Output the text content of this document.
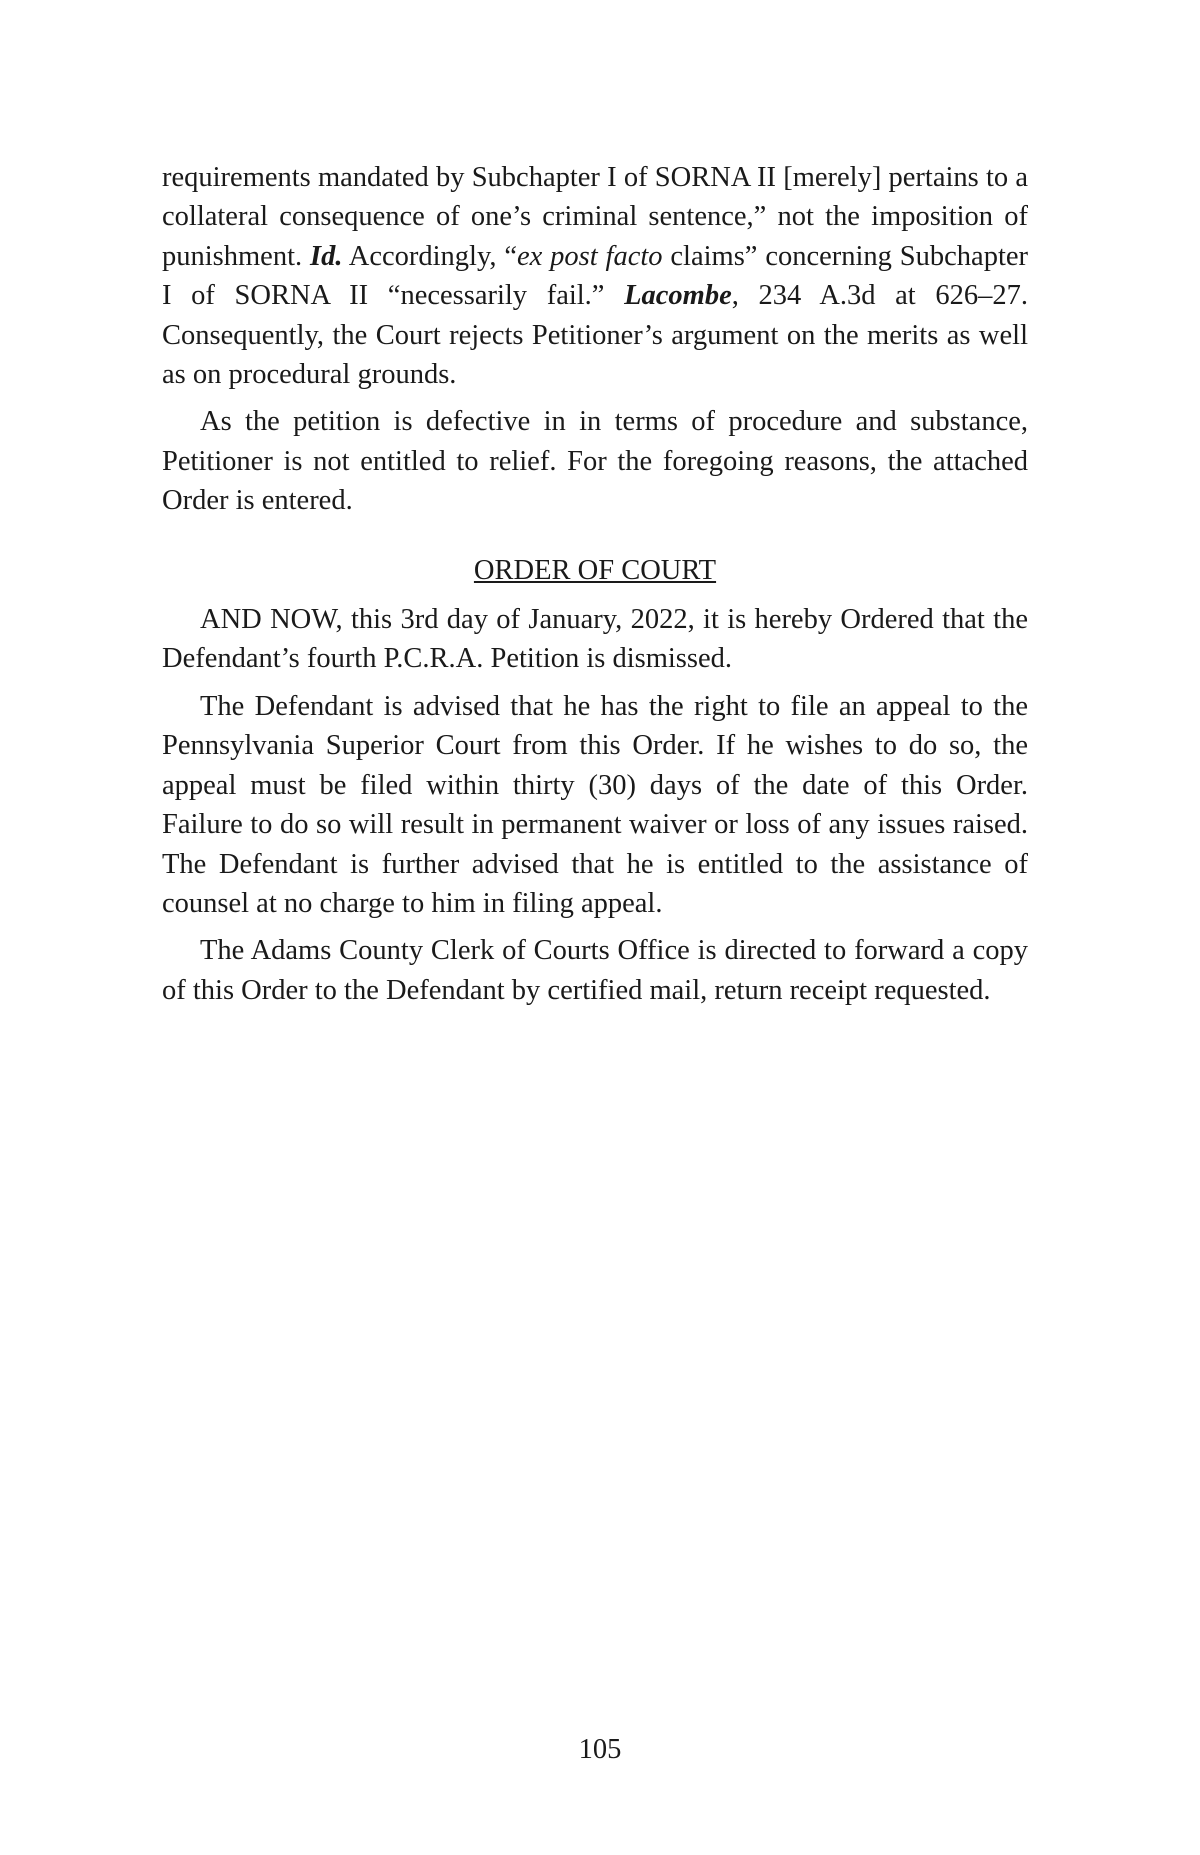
requirements mandated by Subchapter I of SORNA II [merely] pertains to a collateral consequence of one’s criminal sentence,” not the imposition of punishment. Id. Accordingly, “ex post facto claims” concerning Subchapter I of SORNA II “necessarily fail.” Lacombe, 234 A.3d at 626–27. Consequently, the Court rejects Petitioner’s argument on the merits as well as on procedural grounds.

As the petition is defective in in terms of procedure and substance, Petitioner is not entitled to relief. For the foregoing reasons, the attached Order is entered.

ORDER OF COURT

AND NOW, this 3rd day of January, 2022, it is hereby Ordered that the Defendant’s fourth P.C.R.A. Petition is dismissed.

The Defendant is advised that he has the right to file an appeal to the Pennsylvania Superior Court from this Order. If he wishes to do so, the appeal must be filed within thirty (30) days of the date of this Order. Failure to do so will result in permanent waiver or loss of any issues raised. The Defendant is further advised that he is entitled to the assistance of counsel at no charge to him in filing appeal.

The Adams County Clerk of Courts Office is directed to forward a copy of this Order to the Defendant by certified mail, return receipt requested.

105
